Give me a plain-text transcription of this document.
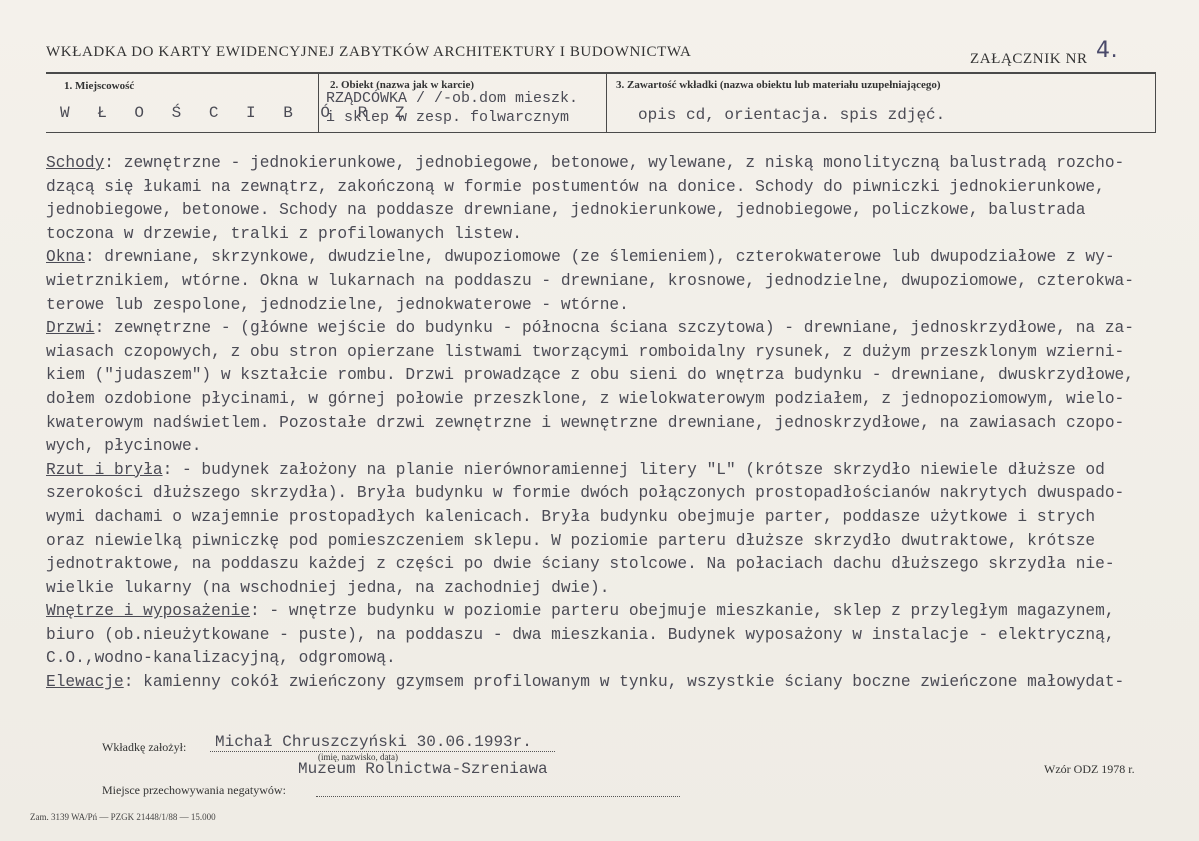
WKŁADKA DO KARTY EWIDENCYJNEJ ZABYTKÓW ARCHITEKTURY I BUDOWNICTWA	ZAŁĄCZNIK NR 4.
1. Miejscowość
W Ł O Ś C I B Ó R Z
2. Obiekt (nazwa jak w karcie)
RZĄDCÓWKA / /-ob.dom mieszk.
i sklep w zesp. folwarcznym
3. Zawartość wkładki (nazwa obiektu lub materiału uzupełniającego)
opis cd, orientacja. spis zdjęć.
Schody: zewnętrzne - jednokierunkowe, jednobiegowe, betonowe, wylewane, z niską monolityczną balustradą rozcho-
dzącą się łukami na zewnątrz, zakończoną w formie postumentów na donice. Schody do piwniczki jednokierunkowe,
jednobiegowe, betonowe. Schody na poddasze drewniane, jednokierunkowe, jednobiegowe, policzkowe, balustrada
toczona w drzewie, tralki z profilowanych listew.
Okna: drewniane, skrzynkowe, dwudzielne, dwupoziomowe (ze ślemieniem), czterokwaterowe lub dwupodziałowe z wy-
wietrznikiem, wtórne. Okna w lukarnach na poddaszu - drewniane, krosnowe, jednodzielne, dwupoziomowe, czterokwa-
terowe lub zespolone, jednodzielne, jednokwaterowe - wtórne.
Drzwi: zewnętrzne - (główne wejście do budynku - północna ściana szczytowa) - drewniane, jednoskrzydłowe, na za-
wiasach czopowych, z obu stron opierzane listwami tworzącymi romboidalny rysunek, z dużym przeszklonym wzierni-
kiem ("judaszem") w kształcie rombu. Drzwi prowadzące z obu sieni do wnętrza budynku - drewniane, dwuskrzydłowe,
dołem ozdobione płycinami, w górnej połowie przeszklone, z wielokwaterowym podziałem, z jednopoziomowym, wielo-
kwaterowym nadświetlem. Pozostałe drzwi zewnętrzne i wewnętrzne drewniane, jednoskrzydłowe, na zawiasach czopo-
wych, płycinowe.
Rzut i bryła: - budynek założony na planie nierównoramiennej litery "L" (krótsze skrzydło niewiele dłuższe od
szerokości dłuższego skrzydła). Bryła budynku w formie dwóch połączonych prostopadłościanów nakrytych dwuspado-
wymi dachami o wzajemnie prostopadłych kalenicach. Bryła budynku obejmuje parter, poddasze użytkowe i strych
oraz niewielką piwniczkę pod pomieszczeniem sklepu. W poziomie parteru dłuższe skrzydło dwutraktowe, krótsze
jednotraktowe, na poddaszu każdej z części po dwie ściany stolcowe. Na połaciach dachu dłuższego skrzydła nie-
wielkie lukarny (na wschodniej jedna, na zachodniej dwie).
Wnętrze i wyposażenie: - wnętrze budynku w poziomie parteru obejmuje mieszkanie, sklep z przyległym magazynem,
biuro (ob.nieużytkowane - puste), na poddaszu - dwa mieszkania. Budynek wyposażony w instalacje - elektryczną,
C.O.,wodno-kanalizacyjną, odgromową.
Elewacje: kamienny cokół zwieńczony gzymsem profilowanym w tynku, wszystkie ściany boczne zwieńczone małowydat-
Wkładkę założył: Michał Chruszczyński 30.06.1993r.
(imię, nazwisko, data)
Muzeum Rolnictwa-Szreniawa	Wzór ODZ 1978 r.
Miejsce przechowywania negatywów:
Zam. 3139 WA/Pń — PZGK 21448/1/88 — 15.000
